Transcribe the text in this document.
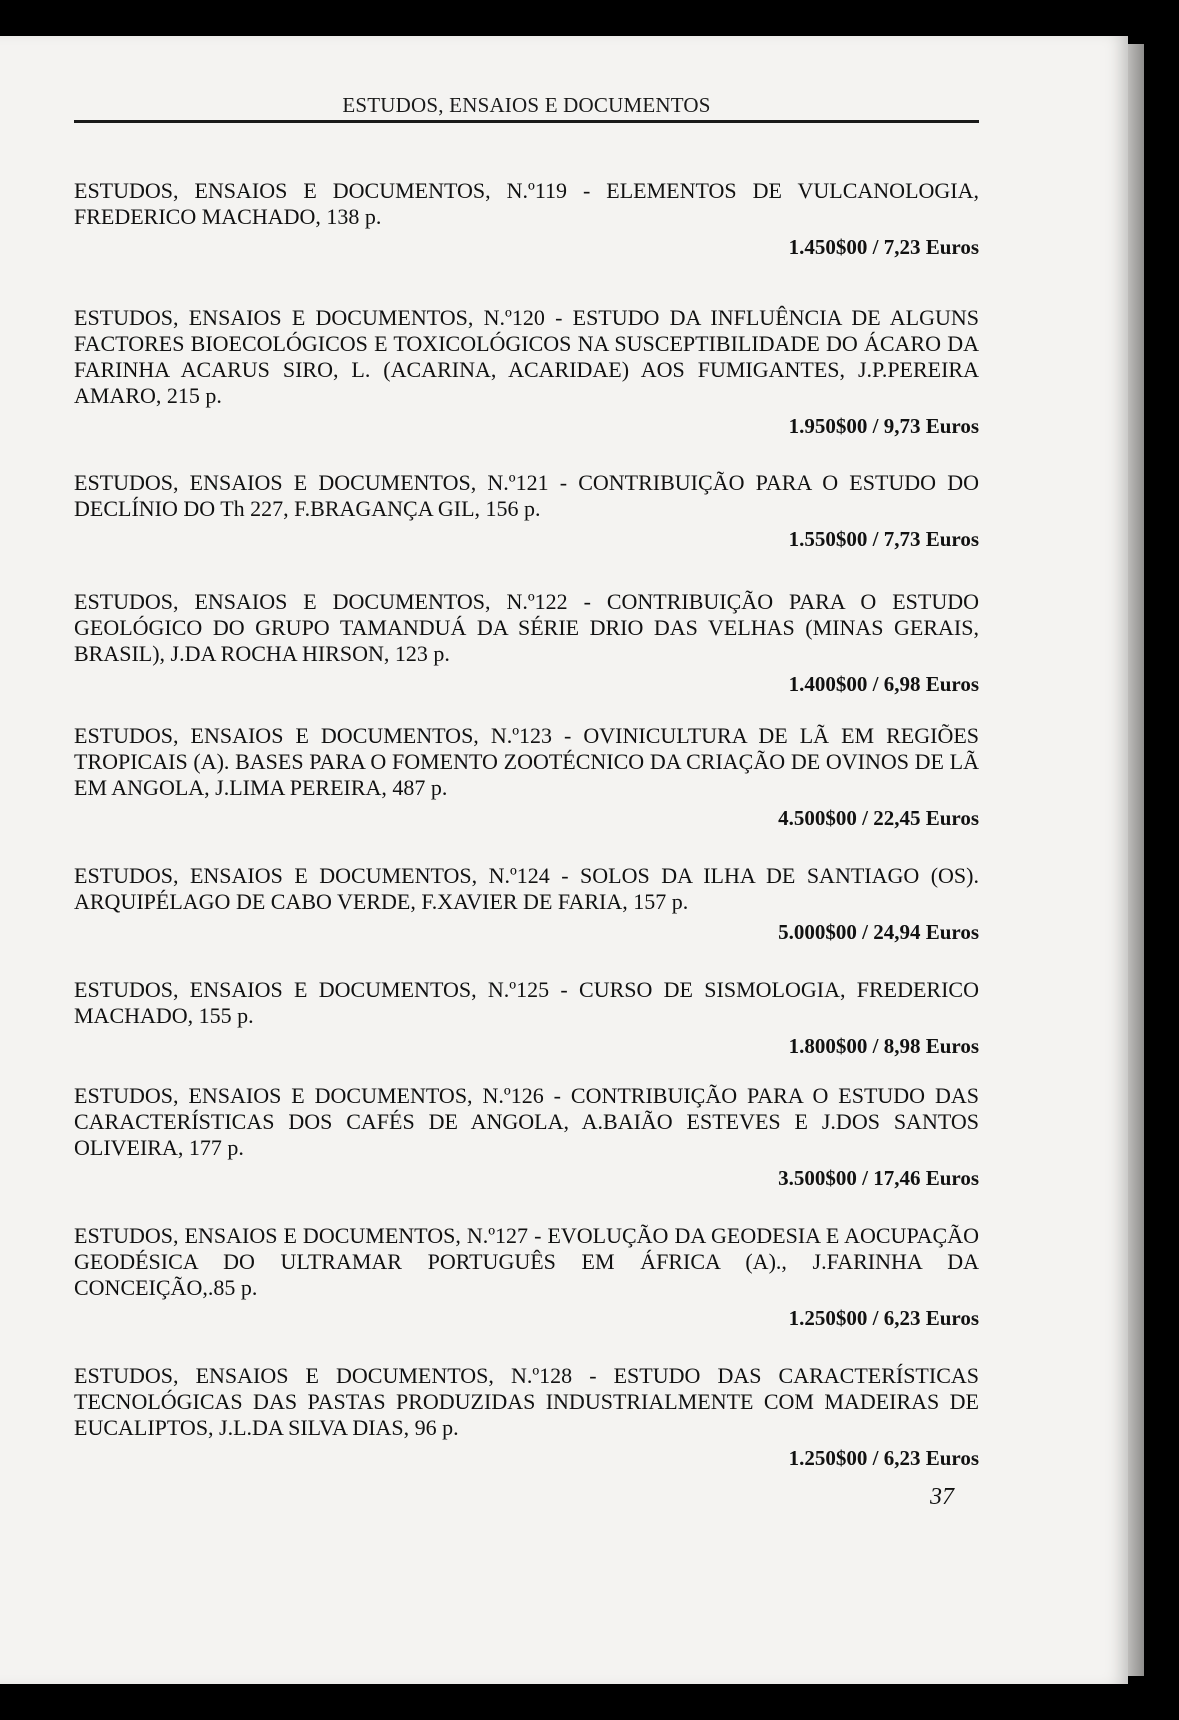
ESTUDOS, ENSAIOS E DOCUMENTOS

ESTUDOS, ENSAIOS E DOCUMENTOS, N.º119 - ELEMENTOS DE VULCANOLOGIA, FREDERICO MACHADO, 138 p.

1.450$00 / 7,23 Euros

ESTUDOS, ENSAIOS E DOCUMENTOS, N.º120 - ESTUDO DA INFLUÊNCIA DE ALGUNS FACTORES BIOECOLÓGICOS E TOXICOLÓGICOS NA SUSCEPTIBILIDADE DO ÁCARO DA FARINHA ACARUS SIRO, L. (ACARINA, ACARIDAE) AOS FUMIGANTES, J.P.PEREIRA AMARO, 215 p.

1.950$00 / 9,73 Euros

ESTUDOS, ENSAIOS E DOCUMENTOS, N.º121 - CONTRIBUIÇÃO PARA O ESTUDO DO DECLÍNIO DO Th 227, F.BRAGANÇA GIL, 156 p.

1.550$00 / 7,73 Euros

ESTUDOS, ENSAIOS E DOCUMENTOS, N.º122 - CONTRIBUIÇÃO PARA O ESTUDO GEOLÓGICO DO GRUPO TAMANDUÁ DA SÉRIE DRIO DAS VELHAS (MINAS GERAIS, BRASIL), J.DA ROCHA HIRSON, 123 p.

1.400$00 / 6,98 Euros

ESTUDOS, ENSAIOS E DOCUMENTOS, N.º123 - OVINICULTURA DE LÃ EM REGIÕES TROPICAIS (A). BASES PARA O FOMENTO ZOOTÉCNICO DA CRIAÇÃO DE OVINOS DE LÃ EM ANGOLA, J.LIMA PEREIRA, 487 p.

4.500$00 / 22,45 Euros

ESTUDOS, ENSAIOS E DOCUMENTOS, N.º124 - SOLOS DA ILHA DE SANTIAGO (OS). ARQUIPÉLAGO DE CABO VERDE, F.XAVIER DE FARIA, 157 p.

5.000$00 / 24,94 Euros

ESTUDOS, ENSAIOS E DOCUMENTOS, N.º125 - CURSO DE SISMOLOGIA, FREDERICO MACHADO, 155 p.

1.800$00 / 8,98 Euros

ESTUDOS, ENSAIOS E DOCUMENTOS, N.º126 - CONTRIBUIÇÃO PARA O ESTUDO DAS CARACTERÍSTICAS DOS CAFÉS DE ANGOLA, A.BAIÃO ESTEVES E J.DOS SANTOS OLIVEIRA, 177 p.

3.500$00 / 17,46 Euros

ESTUDOS, ENSAIOS E DOCUMENTOS, N.º127 - EVOLUÇÃO DA GEODESIA E AOCUPAÇÃO GEODÉSICA DO ULTRAMAR PORTUGUÊS EM ÁFRICA (A)., J.FARINHA DA CONCEIÇÃO,.85 p.

1.250$00 / 6,23 Euros

ESTUDOS, ENSAIOS E DOCUMENTOS, N.º128 - ESTUDO DAS CARACTERÍSTICAS TECNOLÓGICAS DAS PASTAS PRODUZIDAS INDUSTRIALMENTE COM MADEIRAS DE EUCALIPTOS, J.L.DA SILVA DIAS, 96 p.

1.250$00 / 6,23 Euros

37
